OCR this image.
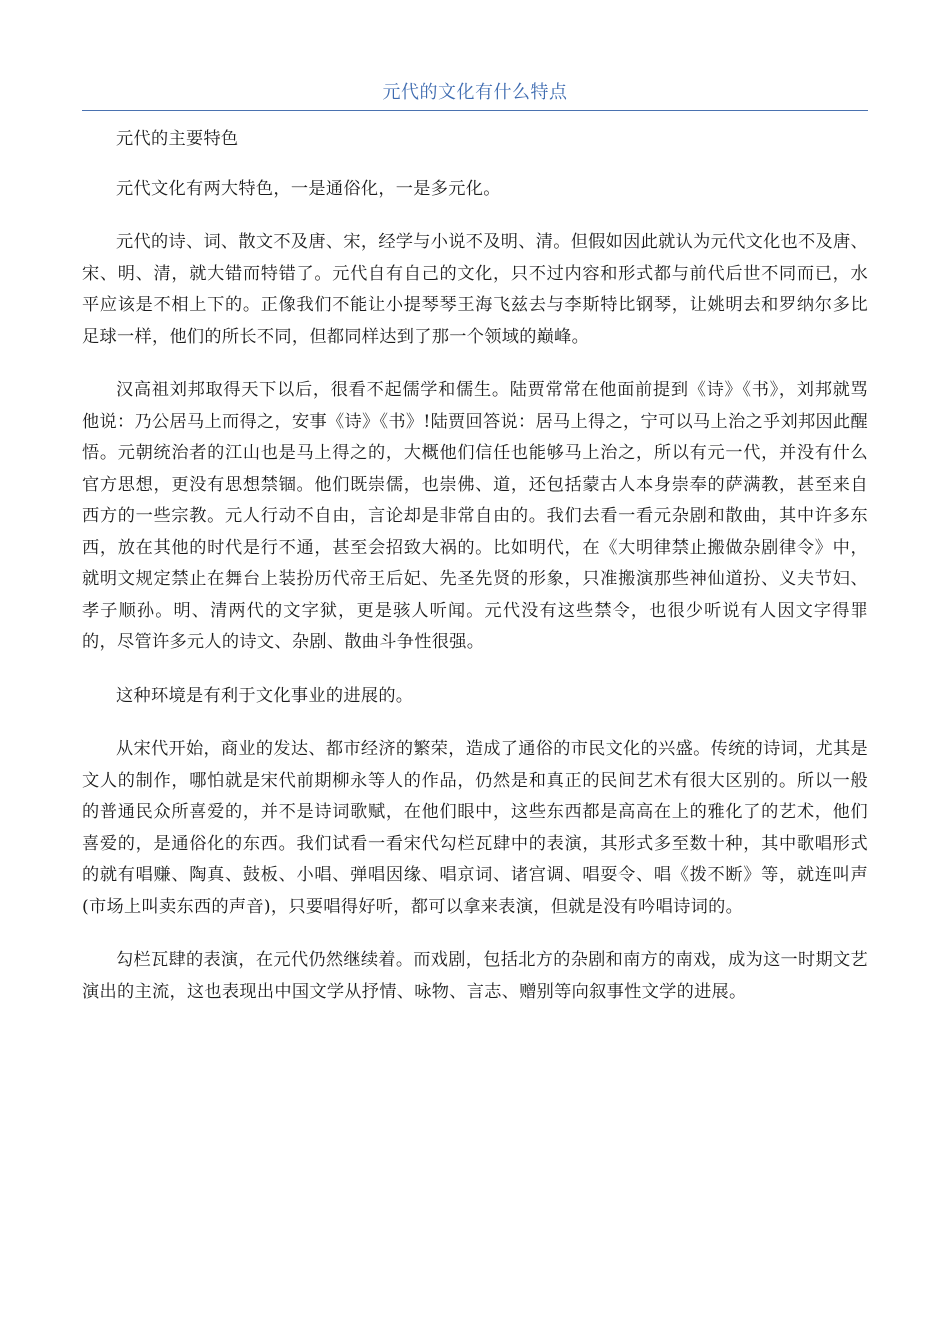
元代的文化有什么特点

元代的主要特色

元代文化有两大特色，一是通俗化，一是多元化。

元代的诗、词、散文不及唐、宋，经学与小说不及明、清。但假如因此就认为元代文化也不及唐、宋、明、清，就大错而特错了。元代自有自己的文化，只不过内容和形式都与前代后世不同而已，水平应该是不相上下的。正像我们不能让小提琴琴王海飞兹去与李斯特比钢琴，让姚明去和罗纳尔多比足球一样，他们的所长不同，但都同样达到了那一个领域的巅峰。

汉高祖刘邦取得天下以后，很看不起儒学和儒生。陆贾常常在他面前提到《诗》《书》，刘邦就骂他说：乃公居马上而得之，安事《诗》《书》!陆贾回答说：居马上得之，宁可以马上治之乎刘邦因此醒悟。元朝统治者的江山也是马上得之的，大概他们信任也能够马上治之，所以有元一代，并没有什么官方思想，更没有思想禁锢。他们既崇儒，也崇佛、道，还包括蒙古人本身崇奉的萨满教，甚至来自西方的一些宗教。元人行动不自由，言论却是非常自由的。我们去看一看元杂剧和散曲，其中许多东西，放在其他的时代是行不通，甚至会招致大祸的。比如明代，在《大明律禁止搬做杂剧律令》中，就明文规定禁止在舞台上装扮历代帝王后妃、先圣先贤的形象，只准搬演那些神仙道扮、义夫节妇、孝子顺孙。明、清两代的文字狱，更是骇人听闻。元代没有这些禁令，也很少听说有人因文字得罪的，尽管许多元人的诗文、杂剧、散曲斗争性很强。

这种环境是有利于文化事业的进展的。

从宋代开始，商业的发达、都市经济的繁荣，造成了通俗的市民文化的兴盛。传统的诗词，尤其是文人的制作，哪怕就是宋代前期柳永等人的作品，仍然是和真正的民间艺术有很大区别的。所以一般的普通民众所喜爱的，并不是诗词歌赋，在他们眼中，这些东西都是高高在上的雅化了的艺术，他们喜爱的，是通俗化的东西。我们试看一看宋代勾栏瓦肆中的表演，其形式多至数十种，其中歌唱形式的就有唱赚、陶真、鼓板、小唱、弹唱因缘、唱京词、诸宫调、唱耍令、唱《拨不断》等，就连叫声(市场上叫卖东西的声音)，只要唱得好听，都可以拿来表演，但就是没有吟唱诗词的。

勾栏瓦肆的表演，在元代仍然继续着。而戏剧，包括北方的杂剧和南方的南戏，成为这一时期文艺演出的主流，这也表现出中国文学从抒情、咏物、言志、赠别等向叙事性文学的进展。
